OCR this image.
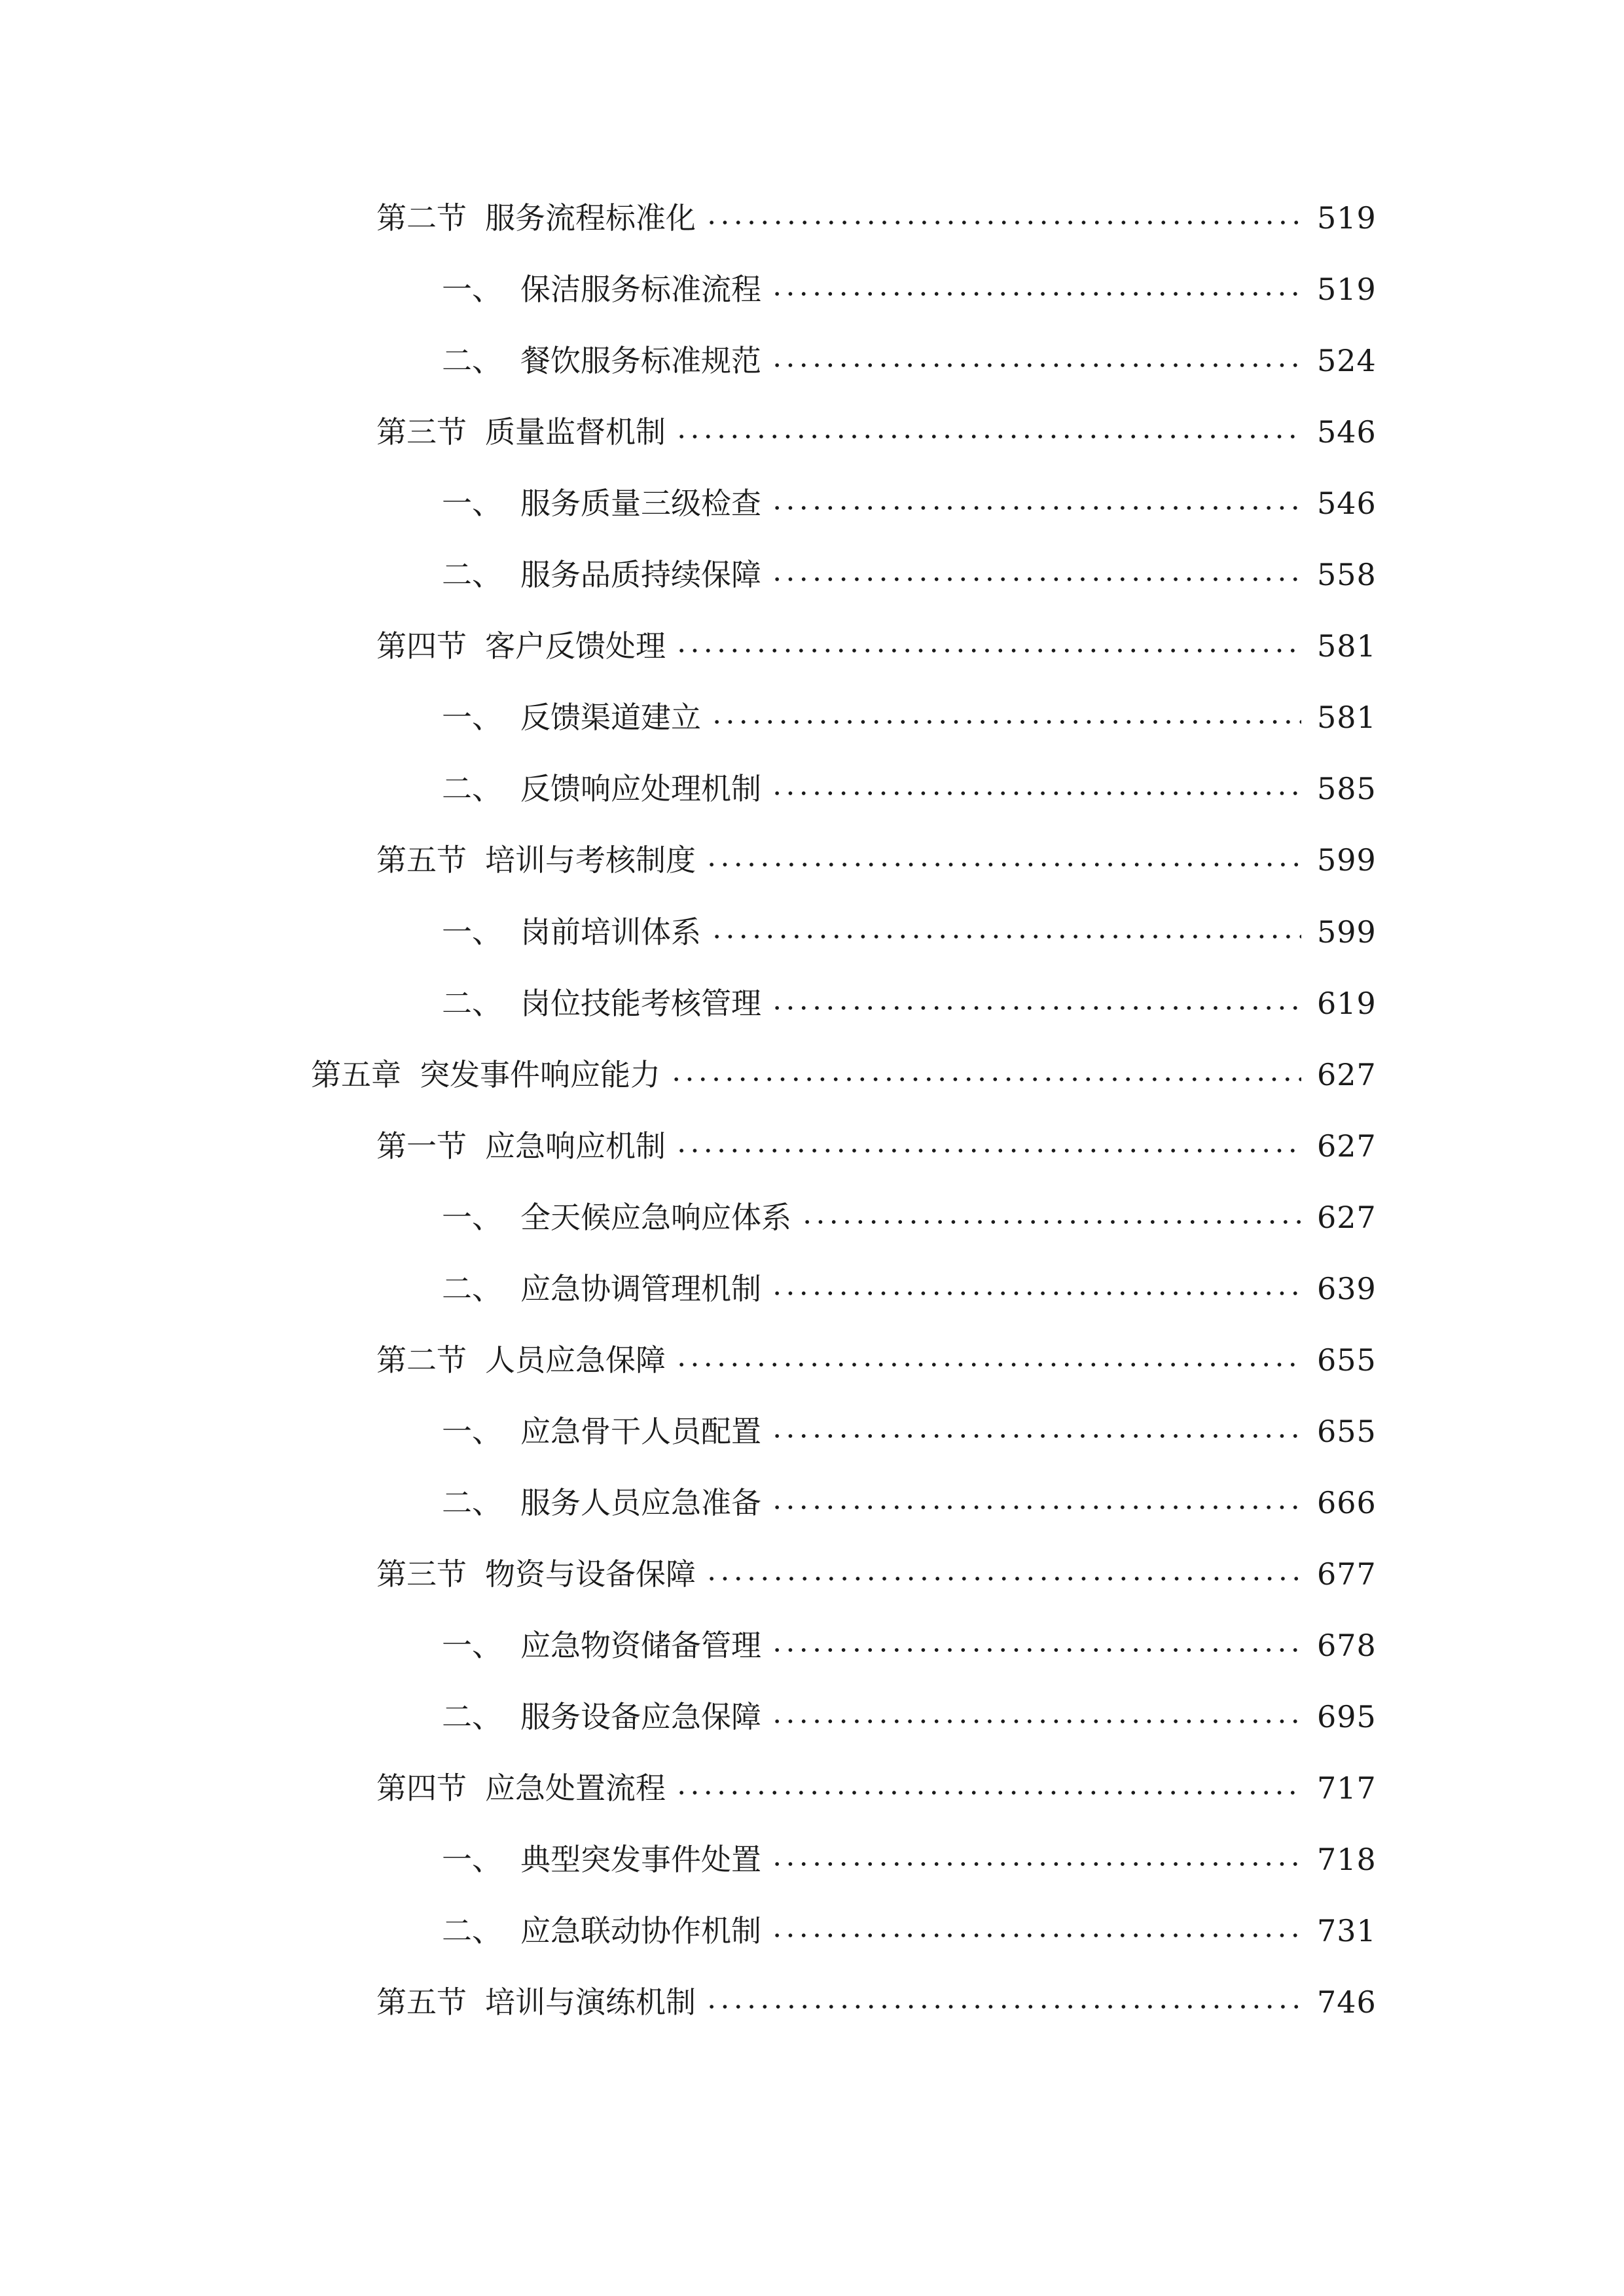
第二节 服务流程标准化	519
一、 保洁服务标准流程	519
二、 餐饮服务标准规范	524
第三节 质量监督机制	546
一、 服务质量三级检查	546
二、 服务品质持续保障	558
第四节 客户反馈处理	581
一、 反馈渠道建立	581
二、 反馈响应处理机制	585
第五节 培训与考核制度	599
一、 岗前培训体系	599
二、 岗位技能考核管理	619
第五章 突发事件响应能力	627
第一节 应急响应机制	627
一、 全天候应急响应体系	627
二、 应急协调管理机制	639
第二节 人员应急保障	655
一、 应急骨干人员配置	655
二、 服务人员应急准备	666
第三节 物资与设备保障	677
一、 应急物资储备管理	678
二、 服务设备应急保障	695
第四节 应急处置流程	717
一、 典型突发事件处置	718
二、 应急联动协作机制	731
第五节 培训与演练机制	746
